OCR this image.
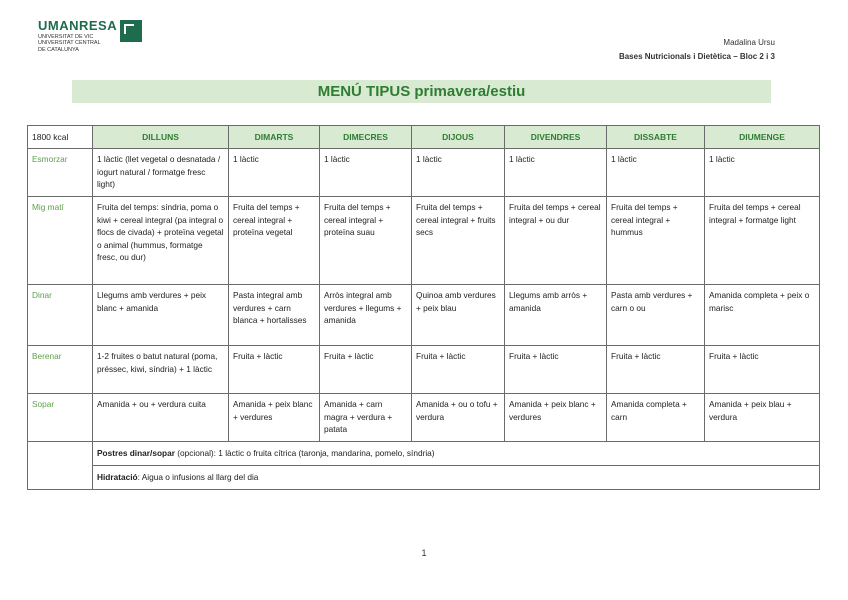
UMANRESA
UNIVERSITAT DE VIC
UNIVERSITAT CENTRAL
DE CATALUNYA
Madalina Ursu
Bases Nutricionals i Dietètica – Bloc 2 i 3
MENÚ TIPUS primavera/estiu
1800 kcal	DILLUNS	DIMARTS	DIMECRES	DIJOUS	DIVENDRES	DISSABTE	DIUMENGE
Esmorzar	1 làctic (llet vegetal o desnatada / iogurt natural / formatge fresc light)	1 làctic	1 làctic	1 làctic	1 làctic	1 làctic	1 làctic
Mig matí	Fruita del temps: síndria, poma o kiwi + cereal integral (pa integral o flocs de civada) + proteïna vegetal o animal (hummus, formatge fresc, ou dur)	Fruita del temps + cereal integral + proteïna vegetal	Fruita del temps + cereal integral + proteïna suau	Fruita del temps + cereal integral + fruits secs	Fruita del temps + cereal integral + ou dur	Fruita del temps + cereal integral + hummus	Fruita del temps + cereal integral + formatge light
Dinar	Llegums amb verdures + peix blanc + amanida	Pasta integral amb verdures + carn blanca + hortalisses	Arròs integral amb verdures + llegums + amanida	Quinoa amb verdures + peix blau	Llegums amb arròs + amanida	Pasta amb verdures + carn o ou	Amanida completa + peix o marisc
Berenar	1-2 fruites o batut natural (poma, préssec, kiwi, síndria) + 1 làctic	Fruita + làctic	Fruita + làctic	Fruita + làctic	Fruita + làctic	Fruita + làctic	Fruita + làctic
Sopar	Amanida + ou + verdura cuita	Amanida + peix blanc + verdures	Amanida + carn magra + verdura + patata	Amanida + ou o tofu + verdura	Amanida + peix blanc + verdures	Amanida completa + carn	Amanida + peix blau + verdura
	Postres dinar/sopar (opcional): 1 làctic o fruita cítrica (taronja, mandarina, pomelo, síndria)						
	Hidratació: Aigua o infusions al llarg del dia						
1
